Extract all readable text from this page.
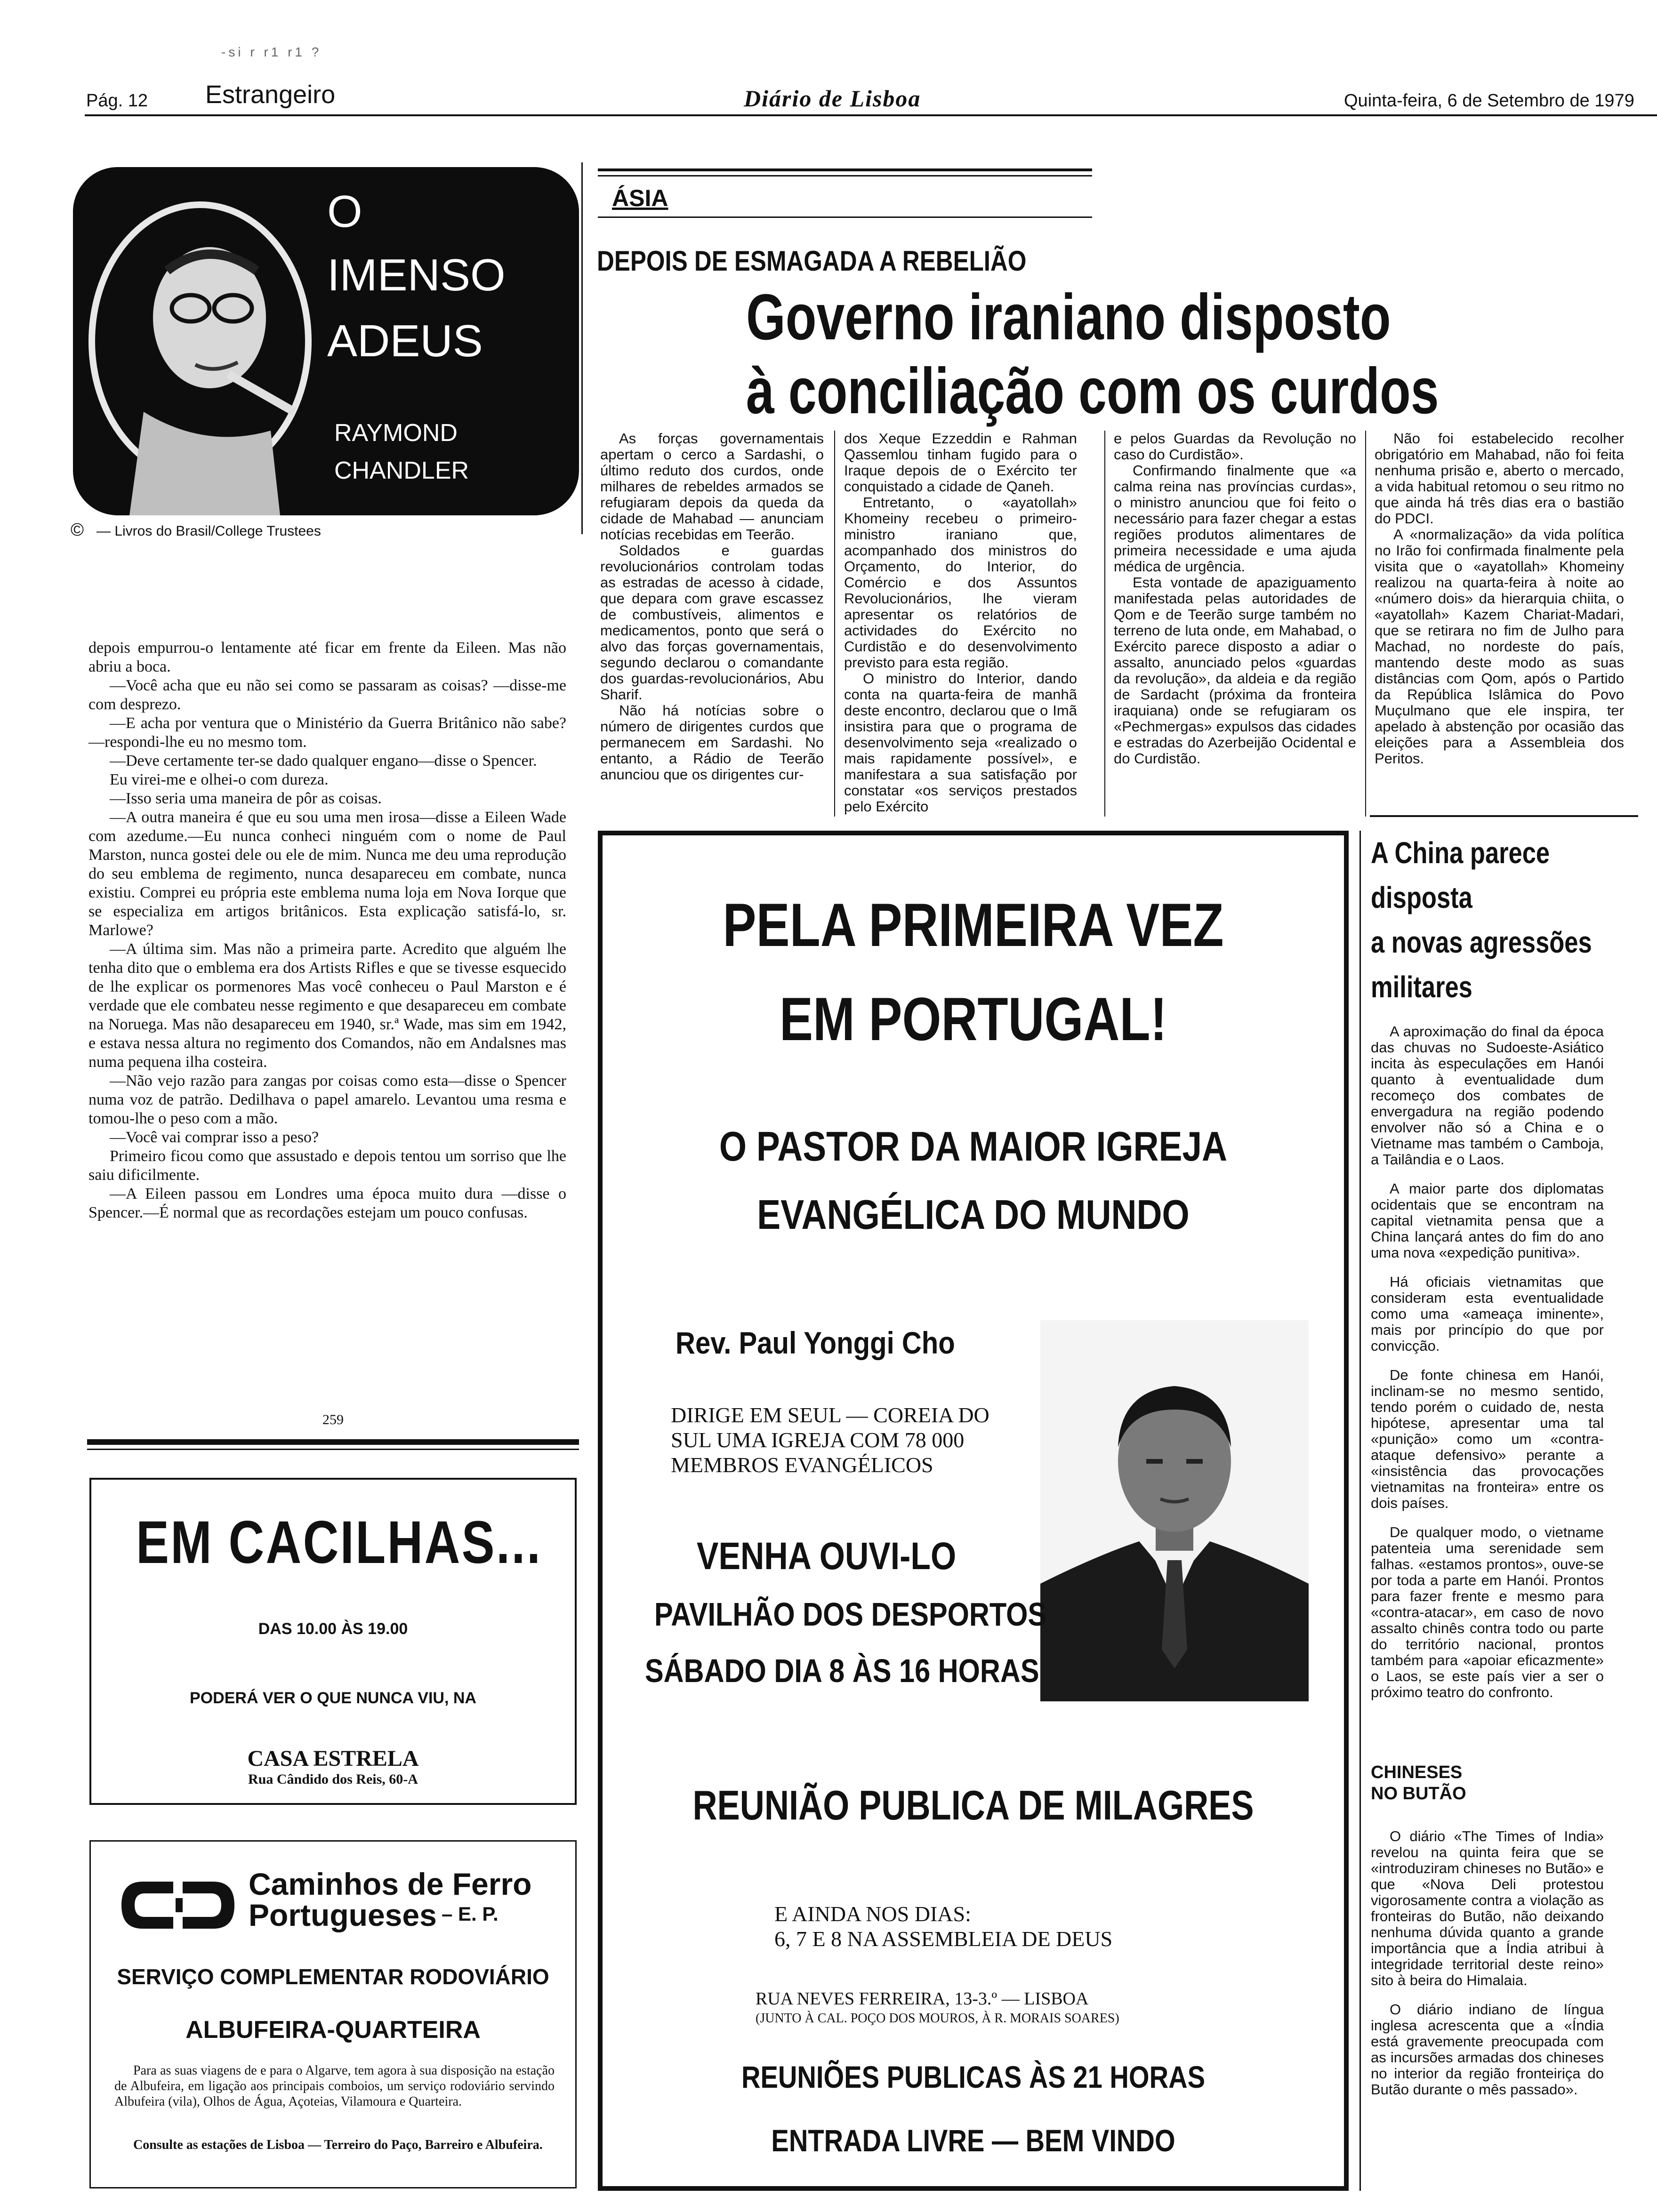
-si r r1 r1 ?
Pág. 12 Estrangeiro	Diário de Lisboa	Quinta-feira, 6 de Setembro de 1979
O
IMENSO
ADEUS
RAYMOND
CHANDLER
© — Livros do Brasil/College Trustees

depois empurrou-o lentamente até ficar em frente da Eileen. Mas não abriu a boca.

—Você acha que eu não sei como se passaram as coisas? —disse-me com desprezo.

—E acha por ventura que o Ministério da Guerra Britânico não sabe?—respondi-lhe eu no mesmo tom.

—Deve certamente ter-se dado qualquer engano—disse o Spencer.

Eu virei-me e olhei-o com dureza.

—Isso seria uma maneira de pôr as coisas.

—A outra maneira é que eu sou uma men irosa—disse a Eileen Wade com azedume.—Eu nunca conheci ninguém com o nome de Paul Marston, nunca gostei dele ou ele de mim. Nunca me deu uma reprodução do seu emblema de regimento, nunca desapareceu em combate, nunca existiu. Comprei eu própria este emblema numa loja em Nova Iorque que se especializa em artigos britânicos. Esta explicação satisfá-lo, sr. Marlowe?

—A última sim. Mas não a primeira parte. Acredito que alguém lhe tenha dito que o emblema era dos Artists Rifles e que se tivesse esquecido de lhe explicar os pormenores Mas você conheceu o Paul Marston e é verdade que ele combateu nesse regimento e que desapareceu em combate na Noruega. Mas não desapareceu em 1940, sr.ª Wade, mas sim em 1942, e estava nessa altura no regimento dos Comandos, não em Andalsnes mas numa pequena ilha costeira.

—Não vejo razão para zangas por coisas como esta—disse o Spencer numa voz de patrão. Dedilhava o papel amarelo. Levantou uma resma e tomou-lhe o peso com a mão.

—Você vai comprar isso a peso?

Primeiro ficou como que assustado e depois tentou um sorriso que lhe saiu dificilmente.

—A Eileen passou em Londres uma época muito dura —disse o Spencer.—É normal que as recordações estejam um pouco confusas.

259
EM CACILHAS...
DAS 10.00 ÀS 19.00
PODERÁ VER O QUE NUNCA VIU, NA
CASA ESTRELA
Rua Cândido dos Reis, 60-A
Caminhos de Ferro
Portugueses – E. P.
SERVIÇO COMPLEMENTAR RODOVIÁRIO
ALBUFEIRA-QUARTEIRA
Para as suas viagens de e para o Algarve, tem agora à sua disposição na estação de Albufeira, em ligação aos principais comboios, um serviço rodoviário servindo Albufeira (vila), Olhos de Água, Açoteias, Vilamoura e Quarteira.
Consulte as estações de Lisboa — Terreiro do Paço, Barreiro e Albufeira.
ÁSIA
DEPOIS DE ESMAGADA A REBELIÃO
Governo iraniano disposto
à conciliação com os curdos

As forças governamentais apertam o cerco a Sardashi, o último reduto dos curdos, onde milhares de rebeldes armados se refugiaram depois da queda da cidade de Mahabad — anunciam notícias recebidas em Teerão.

Soldados e guardas revolucionários controlam todas as estradas de acesso à cidade, que depara com grave escassez de combustíveis, alimentos e medicamentos, ponto que será o alvo das forças governamentais, segundo declarou o comandante dos guardas-revolucionários, Abu Sharif.

Não há notícias sobre o número de dirigentes curdos que permanecem em Sardashi. No entanto, a Rádio de Teerão anunciou que os dirigentes cur-

dos Xeque Ezzeddin e Rahman Qassemlou tinham fugido para o Iraque depois de o Exército ter conquistado a cidade de Qaneh.

Entretanto, o «ayatollah» Khomeiny recebeu o primeiro-ministro iraniano que, acompanhado dos ministros do Orçamento, do Interior, do Comércio e dos Assuntos Revolucionários, lhe vieram apresentar os relatórios de actividades do Exército no Curdistão e do desenvolvimento previsto para esta região.

O ministro do Interior, dando conta na quarta-feira de manhã deste encontro, declarou que o Imã insistira para que o programa de desenvolvimento seja «realizado o mais rapidamente possível», e manifestara a sua satisfação por constatar «os serviços prestados pelo Exército

e pelos Guardas da Revolução no caso do Curdistão».

Confirmando finalmente que «a calma reina nas províncias curdas», o ministro anunciou que foi feito o necessário para fazer chegar a estas regiões produtos alimentares de primeira necessidade e uma ajuda médica de urgência.

Esta vontade de apaziguamento manifestada pelas autoridades de Qom e de Teerão surge também no terreno de luta onde, em Mahabad, o Exército parece disposto a adiar o assalto, anunciado pelos «guardas da revolução», da aldeia e da região de Sardacht (próxima da fronteira iraquiana) onde se refugiaram os «Pechmergas» expulsos das cidades e estradas do Azerbeijão Ocidental e do Curdistão.

Não foi estabelecido recolher obrigatório em Mahabad, não foi feita nenhuma prisão e, aberto o mercado, a vida habitual retomou o seu ritmo no que ainda há três dias era o bastião do PDCI.

A «normalização» da vida política no Irão foi confirmada finalmente pela visita que o «ayatollah» Khomeiny realizou na quarta-feira à noite ao «número dois» da hierarquia chiita, o «ayatollah» Kazem Chariat-Madari, que se retirara no fim de Julho para Machad, no nordeste do país, mantendo deste modo as suas distâncias com Qom, após o Partido da República Islâmica do Povo Muçulmano que ele inspira, ter apelado à abstenção por ocasião das eleições para a Assembleia dos Peritos.

PELA PRIMEIRA VEZ
EM PORTUGAL!
O PASTOR DA MAIOR IGREJA
EVANGÉLICA DO MUNDO
Rev. Paul Yonggi Cho
DIRIGE EM SEUL — COREIA DO
SUL UMA IGREJA COM 78 000
MEMBROS EVANGÉLICOS
VENHA OUVI-LO
PAVILHÃO DOS DESPORTOS
SÁBADO DIA 8 ÀS 16 HORAS
REUNIÃO PUBLICA DE MILAGRES
E AINDA NOS DIAS:
6, 7 E 8 NA ASSEMBLEIA DE DEUS
RUA NEVES FERREIRA, 13-3.º — LISBOA
(JUNTO À CAL. POÇO DOS MOUROS, À R. MORAIS SOARES)
REUNIÕES PUBLICAS ÀS 21 HORAS
ENTRADA LIVRE — BEM VINDO
A China parece
disposta
a novas agressões
militares

A aproximação do final da época das chuvas no Sudoeste-Asiático incita às especulações em Hanói quanto à eventualidade dum recomeço dos combates de envergadura na região podendo envolver não só a China e o Vietname mas também o Camboja, a Tailândia e o Laos.

A maior parte dos diplomatas ocidentais que se encontram na capital vietnamita pensa que a China lançará antes do fim do ano uma nova «expedição punitiva».

Há oficiais vietnamitas que consideram esta eventualidade como uma «ameaça iminente», mais por princípio do que por convicção.

De fonte chinesa em Hanói, inclinam-se no mesmo sentido, tendo porém o cuidado de, nesta hipótese, apresentar uma tal «punição» como um «contra-ataque defensivo» perante a «insistência das provocações vietnamitas na fronteira» entre os dois países.

De qualquer modo, o vietname patenteia uma serenidade sem falhas. «estamos prontos», ouve-se por toda a parte em Hanói. Prontos para fazer frente e mesmo para «contra-atacar», em caso de novo assalto chinês contra todo ou parte do território nacional, prontos também para «apoiar eficazmente» o Laos, se este país vier a ser o próximo teatro do confronto.

CHINESES
NO BUTÃO

O diário «The Times of India» revelou na quinta feira que se «introduziram chineses no Butão» e que «Nova Deli protestou vigorosamente contra a violação as fronteiras do Butão, não deixando nenhuma dúvida quanto a grande importância que a Índia atribui à integridade territorial deste reino» sito à beira do Himalaia.

O diário indiano de língua inglesa acrescenta que a «Índia está gravemente preocupada com as incursões armadas dos chineses no interior da região fronteiriça do Butão durante o mês passado».
